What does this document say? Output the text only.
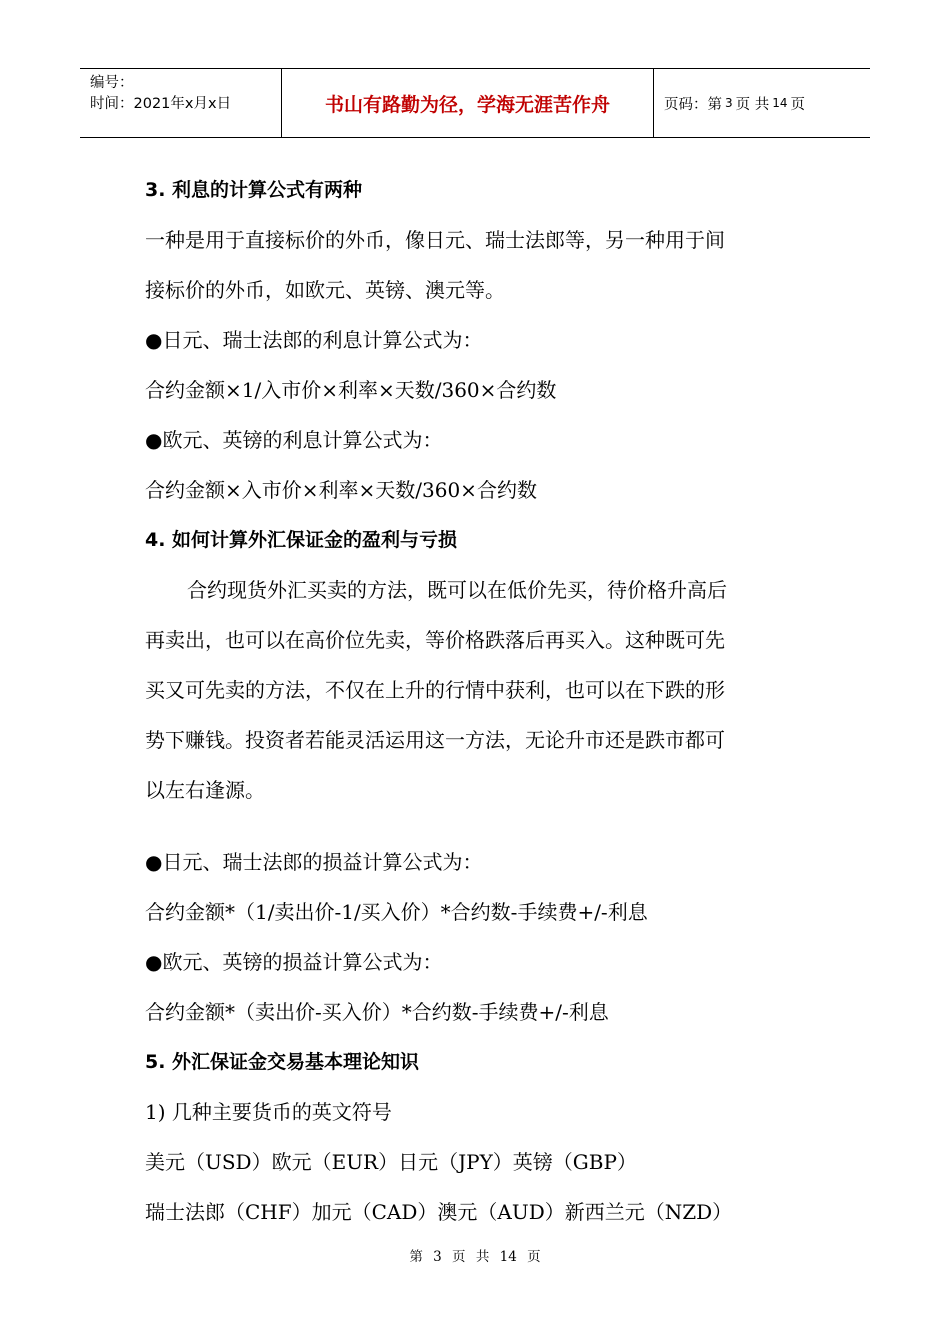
编号：
时间：2021年x月x日	书山有路勤为径，学海无涯苦作舟	页码：第 3 页 共 14 页
3. 利息的计算公式有两种
一种是用于直接标价的外币，像日元、瑞士法郎等，另一种用于间
接标价的外币，如欧元、英镑、澳元等。
●日元、瑞士法郎的利息计算公式为：
合约金额×1/入市价×利率×天数/360×合约数
●欧元、英镑的利息计算公式为：
合约金额×入市价×利率×天数/360×合约数
4. 如何计算外汇保证金的盈利与亏损
合约现货外汇买卖的方法，既可以在低价先买，待价格升高后
再卖出，也可以在高价位先卖，等价格跌落后再买入。这种既可先
买又可先卖的方法，不仅在上升的行情中获利，也可以在下跌的形
势下赚钱。投资者若能灵活运用这一方法，无论升市还是跌市都可
以左右逢源。
●日元、瑞士法郎的损益计算公式为：
合约金额*（1/卖出价-1/买入价）*合约数-手续费+/-利息
●欧元、英镑的损益计算公式为：
合约金额*（卖出价-买入价）*合约数-手续费+/-利息
5. 外汇保证金交易基本理论知识
1) 几种主要货币的英文符号
美元（USD）欧元（EUR）日元（JPY）英镑（GBP）
瑞士法郎（CHF）加元（CAD）澳元（AUD）新西兰元（NZD）
第 3 页 共 14 页
